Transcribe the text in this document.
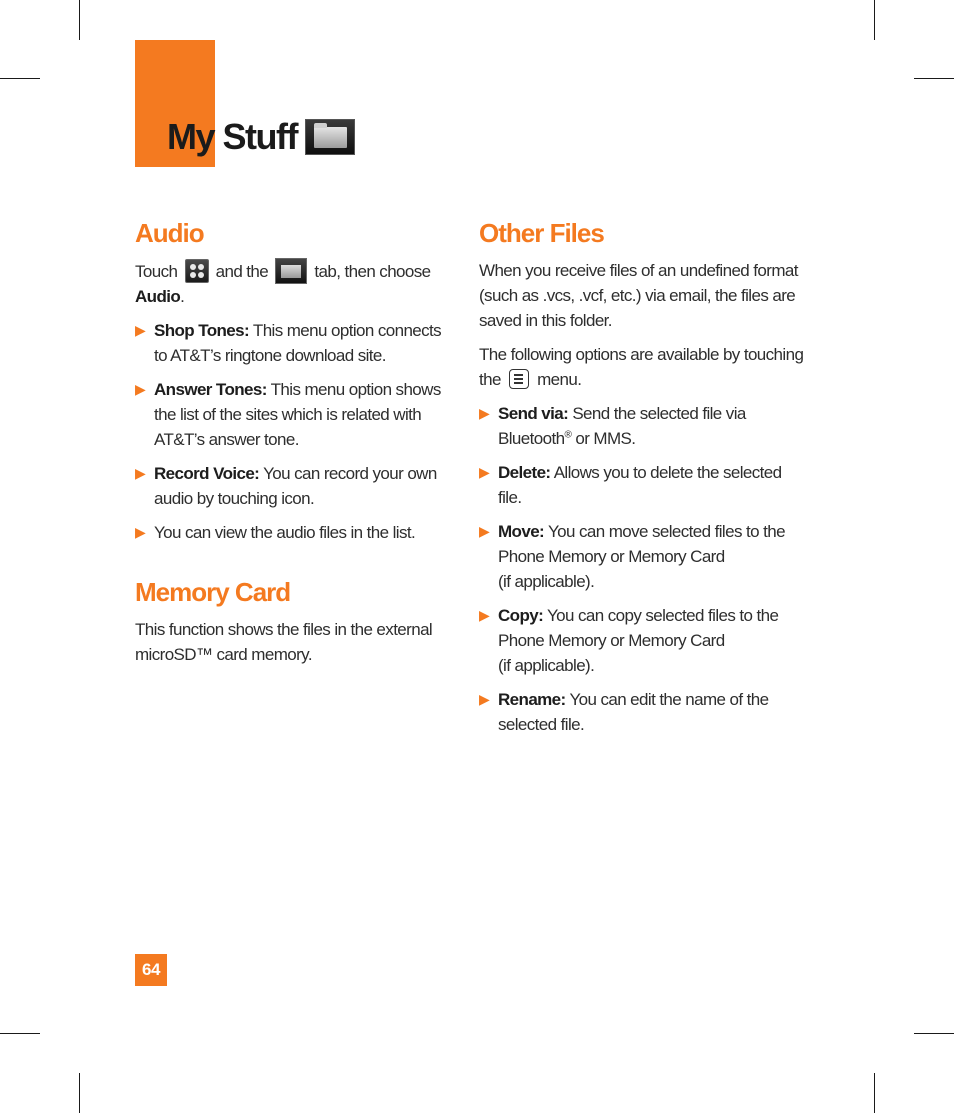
My Stuff
Audio

Touch and the	tab, then choose
Audio.

▶ Shop Tones: This menu option connects to AT&T’s ringtone download site.
▶ Answer Tones: This menu option shows the list of the sites which is related with AT&T’s answer tone.
▶ Record Voice: You can record your own audio by touching icon.
▶ You can view the audio files in the list.
Memory Card

This function shows the files in the external microSD™ card memory.

Other Files

When you receive files of an undefined format (such as .vcs, .vcf, etc.) via email, the files are saved in this folder.

The following options are available by touching the menu.

▶ Send via: Send the selected file via Bluetooth® or MMS.
▶ Delete: Allows you to delete the selected file.
▶ Move: You can move selected files to the Phone Memory or Memory Card
(if applicable).
▶ Copy: You can copy selected files to the Phone Memory or Memory Card
(if applicable).
▶ Rename: You can edit the name of the selected file.
64
